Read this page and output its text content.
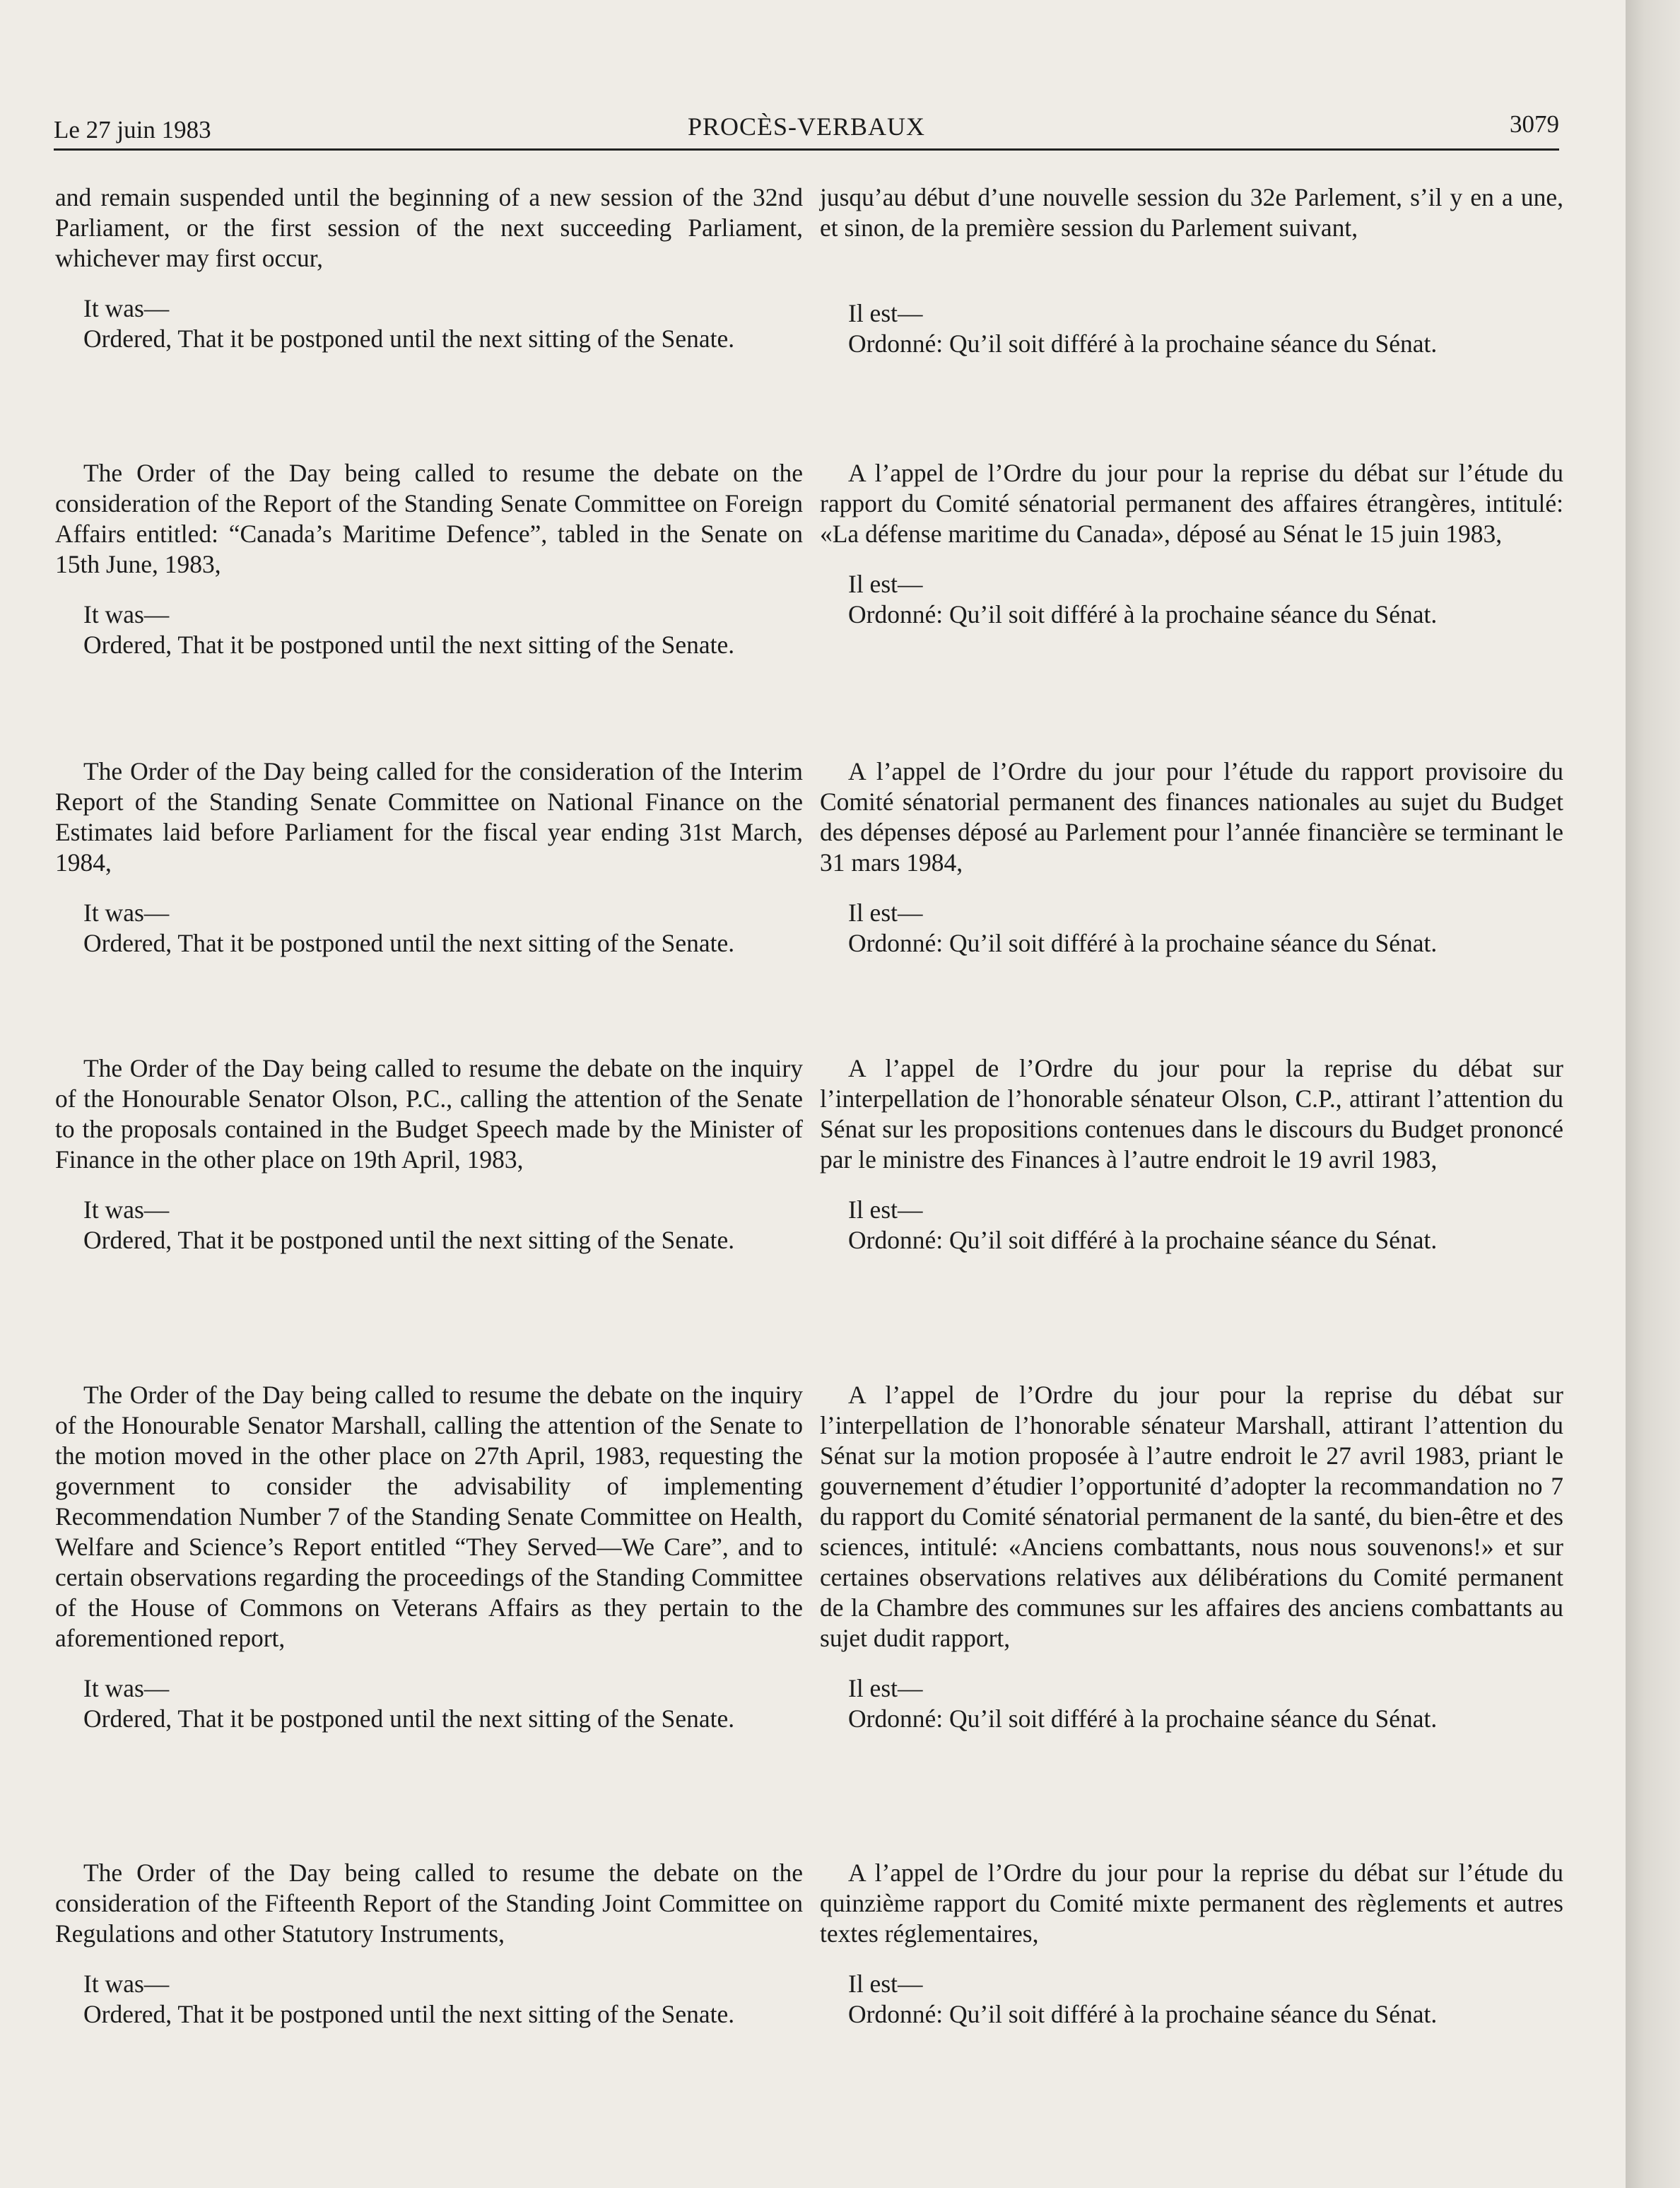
Le 27 juin 1983	PROCÈS-VERBAUX	3079

and remain suspended until the beginning of a new session of the 32nd Parliament, or the first session of the next succeeding Parliament, whichever may first occur,

It was—

Ordered, That it be postponed until the next sitting of the Senate.

The Order of the Day being called to resume the debate on the consideration of the Report of the Standing Senate Committee on Foreign Affairs entitled: “Canada’s Maritime Defence”, tabled in the Senate on 15th June, 1983,

It was—

Ordered, That it be postponed until the next sitting of the Senate.

The Order of the Day being called for the consideration of the Interim Report of the Standing Senate Committee on National Finance on the Estimates laid before Parliament for the fiscal year ending 31st March, 1984,

It was—

Ordered, That it be postponed until the next sitting of the Senate.

The Order of the Day being called to resume the debate on the inquiry of the Honourable Senator Olson, P.C., calling the attention of the Senate to the proposals contained in the Budget Speech made by the Minister of Finance in the other place on 19th April, 1983,

It was—

Ordered, That it be postponed until the next sitting of the Senate.

The Order of the Day being called to resume the debate on the inquiry of the Honourable Senator Marshall, calling the attention of the Senate to the motion moved in the other place on 27th April, 1983, requesting the government to consider the advisability of implementing Recommendation Number 7 of the Standing Senate Committee on Health, Welfare and Science’s Report entitled “They Served—We Care”, and to certain observations regarding the proceedings of the Standing Committee of the House of Commons on Veterans Affairs as they pertain to the aforementioned report,

It was—

Ordered, That it be postponed until the next sitting of the Senate.

The Order of the Day being called to resume the debate on the consideration of the Fifteenth Report of the Standing Joint Committee on Regulations and other Statutory Instruments,

It was—

Ordered, That it be postponed until the next sitting of the Senate.

jusqu’au début d’une nouvelle session du 32e Parlement, s’il y en a une, et sinon, de la première session du Parlement suivant,

Il est—

Ordonné: Qu’il soit différé à la prochaine séance du Sénat.

A l’appel de l’Ordre du jour pour la reprise du débat sur l’étude du rapport du Comité sénatorial permanent des affaires étrangères, intitulé: «La défense maritime du Canada», déposé au Sénat le 15 juin 1983,

Il est—

Ordonné: Qu’il soit différé à la prochaine séance du Sénat.

A l’appel de l’Ordre du jour pour l’étude du rapport provisoire du Comité sénatorial permanent des finances nationales au sujet du Budget des dépenses déposé au Parlement pour l’année financière se terminant le 31 mars 1984,

Il est—

Ordonné: Qu’il soit différé à la prochaine séance du Sénat.

A l’appel de l’Ordre du jour pour la reprise du débat sur l’interpellation de l’honorable sénateur Olson, C.P., attirant l’attention du Sénat sur les propositions contenues dans le discours du Budget prononcé par le ministre des Finances à l’autre endroit le 19 avril 1983,

Il est—

Ordonné: Qu’il soit différé à la prochaine séance du Sénat.

A l’appel de l’Ordre du jour pour la reprise du débat sur l’interpellation de l’honorable sénateur Marshall, attirant l’attention du Sénat sur la motion proposée à l’autre endroit le 27 avril 1983, priant le gouvernement d’étudier l’opportunité d’adopter la recommandation no 7 du rapport du Comité sénatorial permanent de la santé, du bien-être et des sciences, intitulé: «Anciens combattants, nous nous souvenons!» et sur certaines observations relatives aux délibérations du Comité permanent de la Chambre des communes sur les affaires des anciens combattants au sujet dudit rapport,

Il est—

Ordonné: Qu’il soit différé à la prochaine séance du Sénat.

A l’appel de l’Ordre du jour pour la reprise du débat sur l’étude du quinzième rapport du Comité mixte permanent des règlements et autres textes réglementaires,

Il est—

Ordonné: Qu’il soit différé à la prochaine séance du Sénat.
